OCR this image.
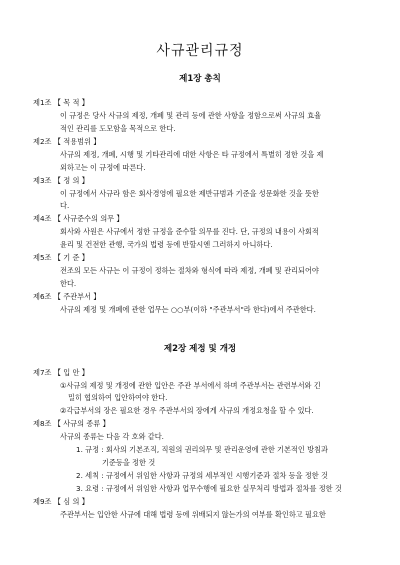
사규관리규정
제1장 총칙
제1조 【 목 적 】
이 규정은 당사 사규의 제정, 개폐 및 관리 등에 관한 사항을 정함으로써 사규의 효율
적인 관리를 도모함을 목적으로 한다.
제2조 【 적용범위 】
사규의 제정, 개폐, 시행 및 기타관리에 대한 사항은 타 규정에서 특별히 정한 것을 제
외하고는 이 규정에 따른다.
제3조 【 정 의 】
이 규정에서 사규라 함은 회사경영에 필요한 제반규범과 기준을 성문화한 것을 뜻한
다.
제4조 【 사규준수의 의무 】
회사와 사원은 사규에서 정한 규정을 준수할 의무를 진다. 단, 규정의 내용이 사회적
윤리 및 건전한 관행, 국가의 법령 등에 반할시엔 그러하지 아니하다.
제5조 【 기 준 】
전조의 모든 사규는 이 규정이 정하는 절차와 형식에 따라 제정, 개폐 및 관리되어야
한다.
제6조 【 주관부서 】
사규의 제정 및 개폐에 관한 업무는 ○○부(이하 "주관부서"라 한다)에서 주관한다.
제2장 제정 및 개정
제7조 【 입 안 】
①사규의 제정 및 개정에 관한 입안은 주관 부서에서 하며 주관부서는 관련부서와 긴
밀히 협의하여 입안하여야 한다.
②각급부서의 장은 필요한 경우 주관부서의 장에게 사규의 개정요청을 할 수 있다.
제8조 【 사규의 종류 】
사규의 종류는 다음 각 호와 같다.
1. 규정 : 회사의 기본조직, 직원의 권리의무 및 관리운영에 관한 기본적인 방침과
기준등을 정한 것
2. 세칙 : 규정에서 위임한 사항과 규정의 세부적인 시행기준과 절차 등을 정한 것
3. 요령 : 규정에서 위임한 사항과 업무수행에 필요한 실무처리 방법과 절차를 정한 것
제9조 【 심 의 】
주관부서는 입안한 사규에 대해 법령 등에 위배되지 않는가의 여부를 확인하고 필요한
